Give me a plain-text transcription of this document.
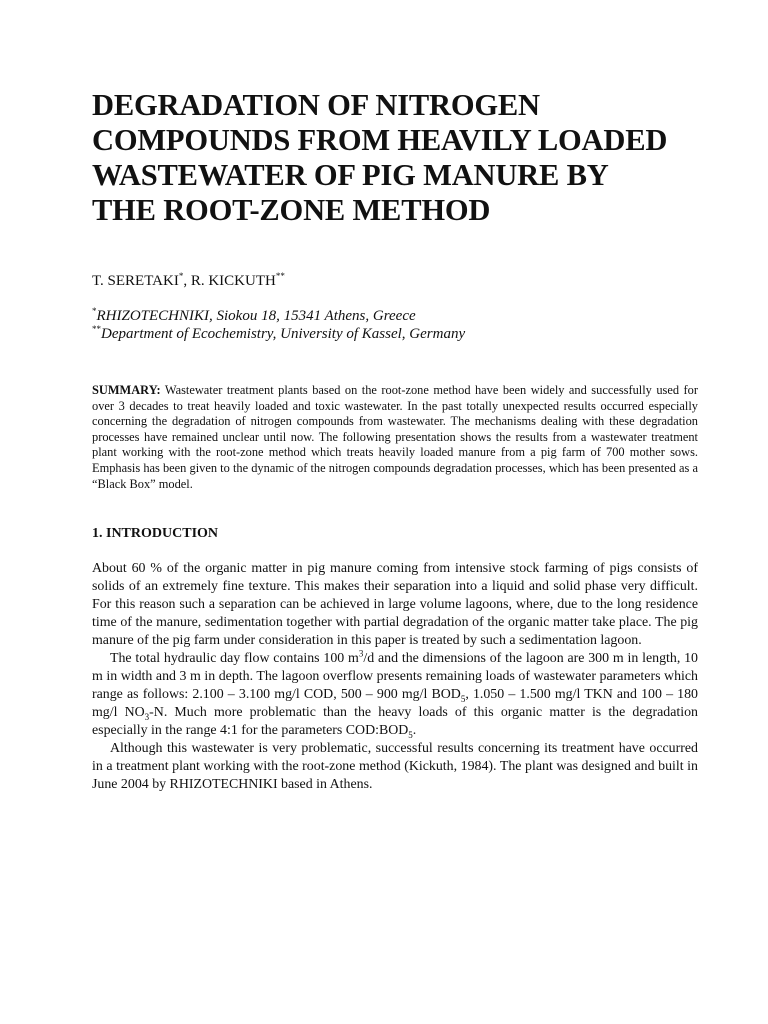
DEGRADATION OF NITROGEN
COMPOUNDS FROM HEAVILY LOADED
WASTEWATER OF PIG MANURE BY
THE ROOT-ZONE METHOD
T. SERETAKI*, R. KICKUTH**
*RHIZOTECHNIKI, Siokou 18, 15341 Athens, Greece
**Department of Ecochemistry, University of Kassel, Germany
SUMMARY: Wastewater treatment plants based on the root-zone method have been widely and successfully used for over 3 decades to treat heavily loaded and toxic wastewater. In the past totally unexpected results occurred especially concerning the degradation of nitrogen compounds from wastewater. The mechanisms dealing with these degradation processes have remained unclear until now. The following presentation shows the results from a wastewater treatment plant working with the root-zone method which treats heavily loaded manure from a pig farm of 700 mother sows. Emphasis has been given to the dynamic of the nitrogen compounds degradation processes, which has been presented as a “Black Box” model.
1. INTRODUCTION

About 60 % of the organic matter in pig manure coming from intensive stock farming of pigs consists of solids of an extremely fine texture. This makes their separation into a liquid and solid phase very difficult. For this reason such a separation can be achieved in large volume lagoons, where, due to the long residence time of the manure, sedimentation together with partial degradation of the organic matter take place. The pig manure of the pig farm under consideration in this paper is treated by such a sedimentation lagoon.

The total hydraulic day flow contains 100 $m^3/d$ and the dimensions of the lagoon are 300 m in length, 10 m in width and 3 m in depth. The lagoon overflow presents remaining loads of wastewater parameters which range as follows: 2.100 – 3.100 mg/l COD, 500 – 900 mg/l $BOD_5$, 1.050 – 1.500 mg/l TKN and 100 – 180 mg/l $NO_3-N$. Much more problematic than the heavy loads of this organic matter is the degradation especially in the range 4:1 for the parameters $COD:BOD_5$.

Although this wastewater is very problematic, successful results concerning its treatment have occurred in a treatment plant working with the root-zone method (Kickuth, 1984). The plant was designed and built in June 2004 by RHIZOTECHNIKI based in Athens.
